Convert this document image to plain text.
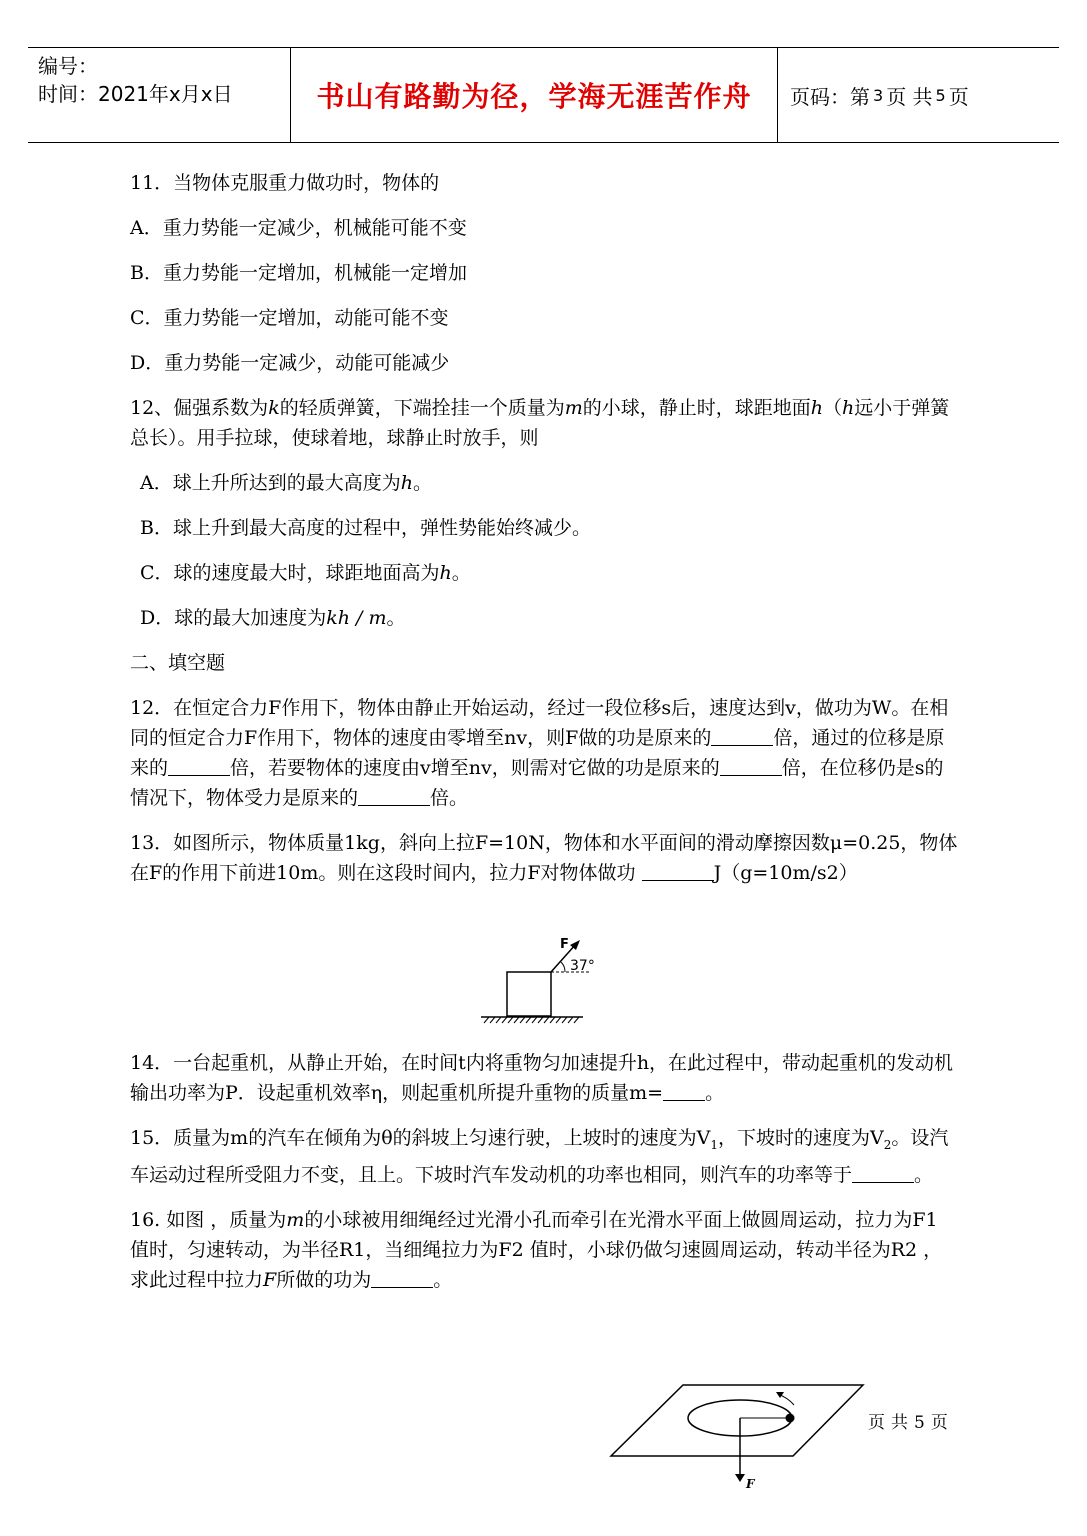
编号：
时间：2021年x月x日	书山有路勤为径，学海无涯苦作舟	页码：第 3 页 共 5 页
11．当物体克服重力做功时，物体的
A．重力势能一定减少，机械能可能不变
B．重力势能一定增加，机械能一定增加
C．重力势能一定增加，动能可能不变
D．重力势能一定减少，动能可能减少
12、倔强系数为k的轻质弹簧，下端拴挂一个质量为m的小球，静止时，球距地面h（h远小于弹簧总长）。用手拉球，使球着地，球静止时放手，则
A．球上升所达到的最大高度为h。
B．球上升到最大高度的过程中，弹性势能始终减少。
C．球的速度最大时，球距地面高为h。
D．球的最大加速度为kh / m。
二、填空题
12．在恒定合力F作用下，物体由静止开始运动，经过一段位移s后，速度达到v，做功为W。在相同的恒定合力F作用下，物体的速度由零增至nv，则F做的功是原来的	倍，通过的位移是原来的	倍，若要物体的速度由v增至nv，则需对它做的功是原来的	倍，在位移仍是s的情况下，物体受力是原来的	倍。
13．如图所示，物体质量1kg，斜向上拉F=10N，物体和水平面间的滑动摩擦因数μ=0.25，物体在F的作用下前进10m。则在这段时间内，拉力F对物体做功	J（g=10m/s2）
14．一台起重机，从静止开始，在时间t内将重物匀加速提升h，在此过程中，带动起重机的发动机输出功率为P．设起重机效率η，则起重机所提升重物的质量m= 。
15．质量为m的汽车在倾角为θ的斜坡上匀速行驶，上坡时的速度为$V_1$，下坡时的速度为$V_2$。设汽车运动过程所受阻力不变，且上。下坡时汽车发动机的功率也相同，则汽车的功率等于	。
16. 如图 ，质量为m的小球被用细绳经过光滑小孔而牵引在光滑水平面上做圆周运动，拉力为F1 值时，匀速转动，为半径R1，当细绳拉力为F2 值时，小球仍做匀速圆周运动，转动半径为R2 ，求此过程中拉力F所做的功为	。
F
37°
F
页共5页
